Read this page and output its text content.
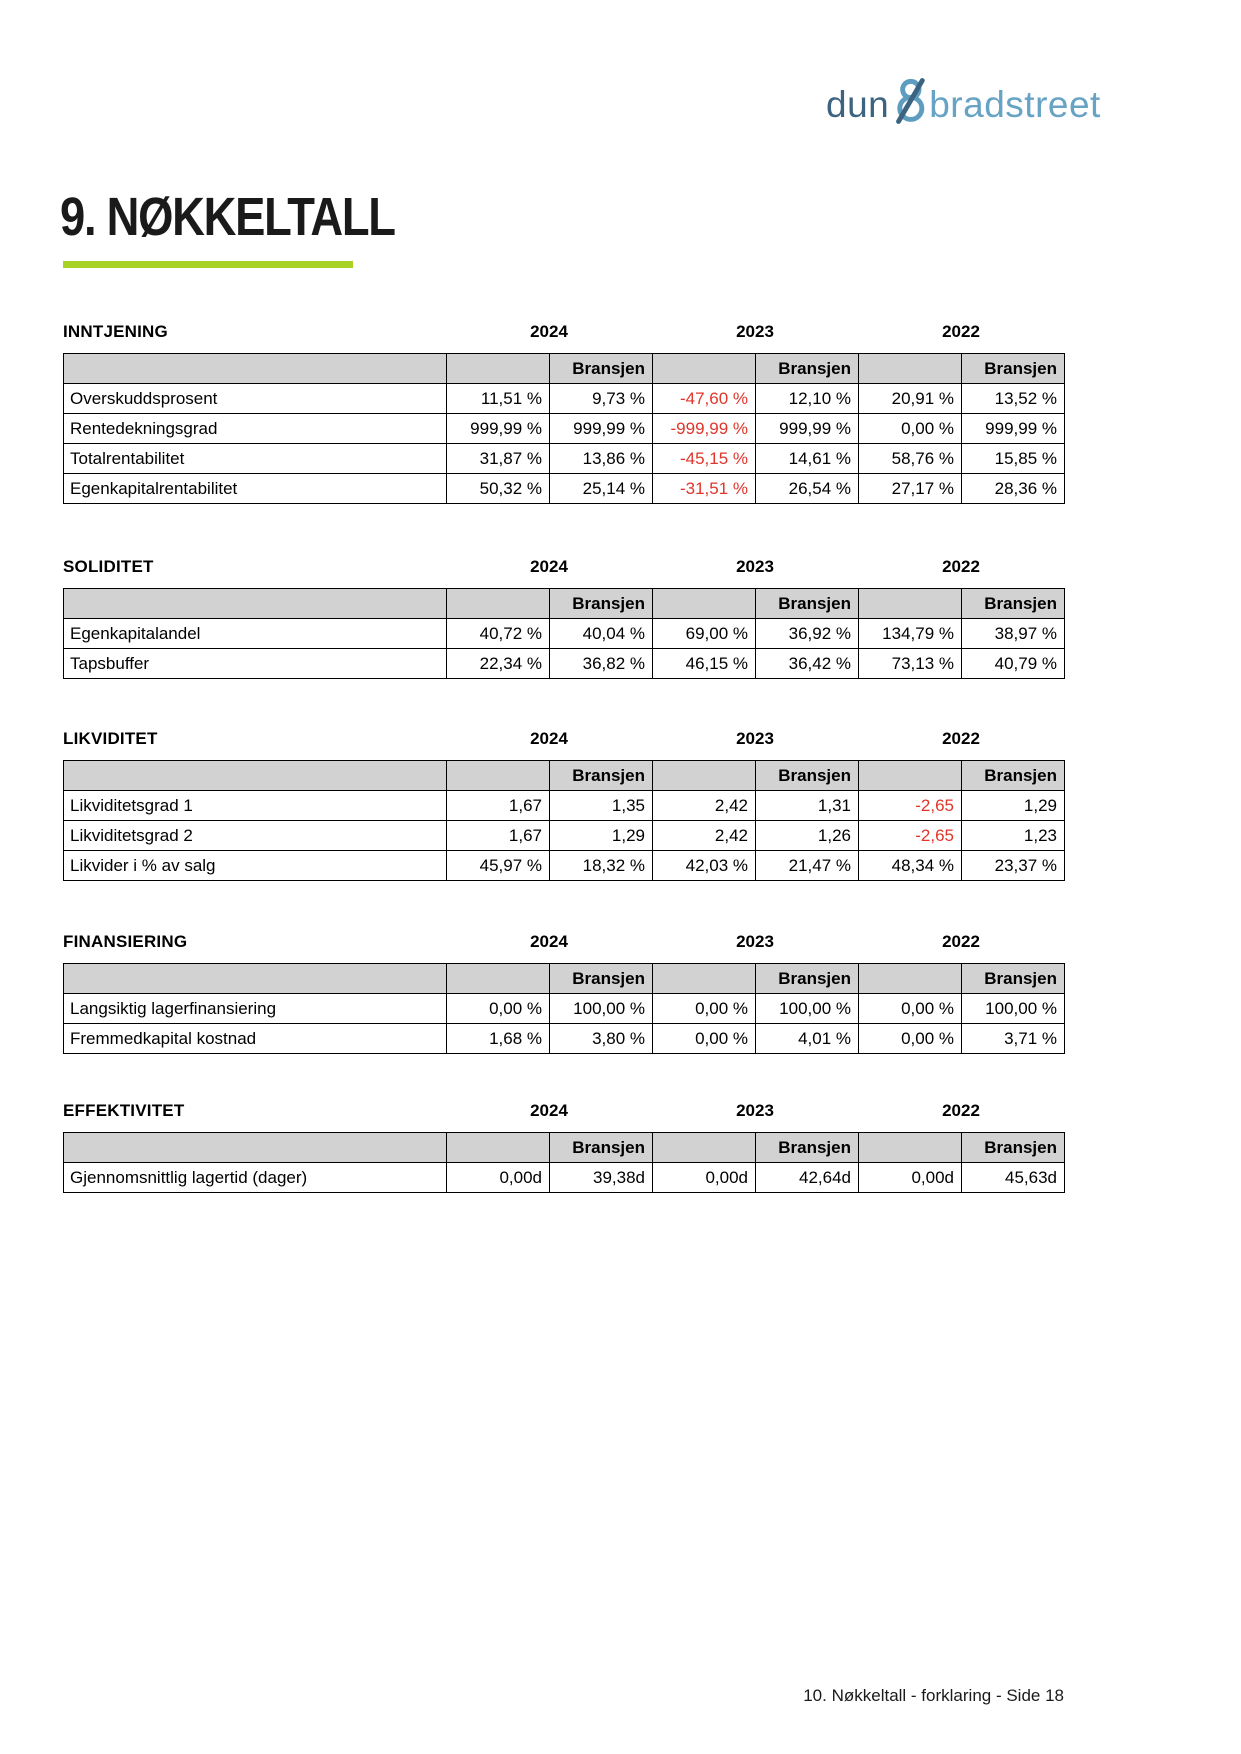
dun bradstreet
9. NØKKELTALL
INNTJENING	2024	2023	2022
		Bransjen		Bransjen		Bransjen
Overskuddsprosent	11,51 %	9,73 %	-47,60 %	12,10 %	20,91 %	13,52 %
Rentedekningsgrad	999,99 %	999,99 %	-999,99 %	999,99 %	0,00 %	999,99 %
Totalrentabilitet	31,87 %	13,86 %	-45,15 %	14,61 %	58,76 %	15,85 %
Egenkapitalrentabilitet	50,32 %	25,14 %	-31,51 %	26,54 %	27,17 %	28,36 %
SOLIDITET	2024	2023	2022
		Bransjen		Bransjen		Bransjen
Egenkapitalandel	40,72 %	40,04 %	69,00 %	36,92 %	134,79 %	38,97 %
Tapsbuffer	22,34 %	36,82 %	46,15 %	36,42 %	73,13 %	40,79 %
LIKVIDITET	2024	2023	2022
		Bransjen		Bransjen		Bransjen
Likviditetsgrad 1	1,67	1,35	2,42	1,31	-2,65	1,29
Likviditetsgrad 2	1,67	1,29	2,42	1,26	-2,65	1,23
Likvider i % av salg	45,97 %	18,32 %	42,03 %	21,47 %	48,34 %	23,37 %
FINANSIERING	2024	2023	2022
		Bransjen		Bransjen		Bransjen
Langsiktig lagerfinansiering	0,00 %	100,00 %	0,00 %	100,00 %	0,00 %	100,00 %
Fremmedkapital kostnad	1,68 %	3,80 %	0,00 %	4,01 %	0,00 %	3,71 %
EFFEKTIVITET	2024	2023	2022
		Bransjen		Bransjen		Bransjen
Gjennomsnittlig lagertid (dager)	0,00d	39,38d	0,00d	42,64d	0,00d	45,63d
10. Nøkkeltall - forklaring - Side 18
